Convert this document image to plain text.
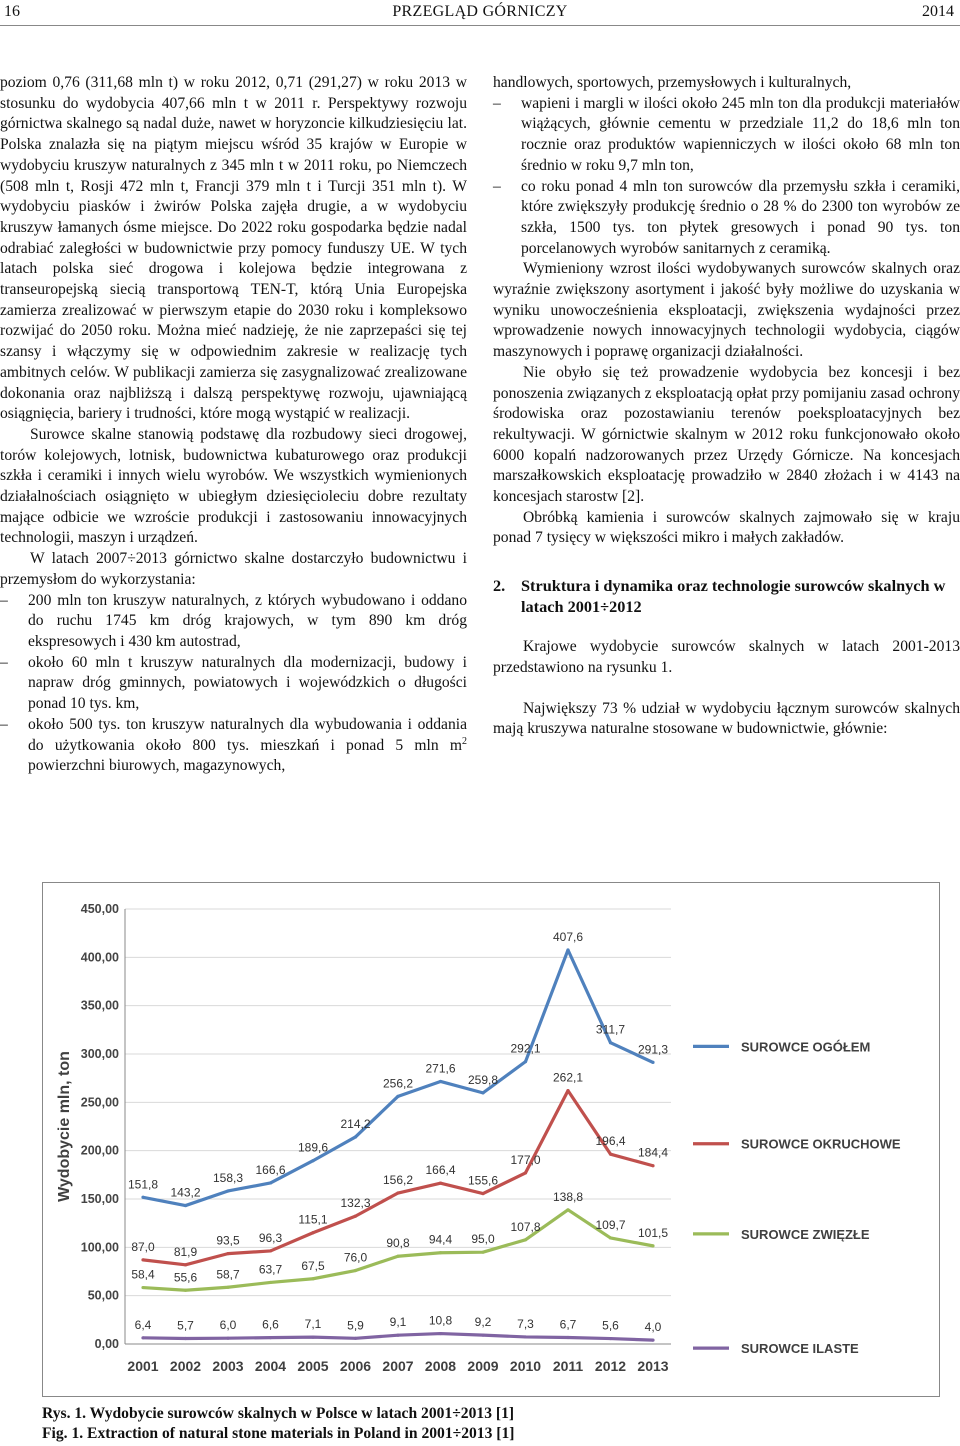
16	PRZEGLĄD GÓRNICZY	2014

poziom 0,76 (311,68 mln t) w roku 2012, 0,71 (291,27) w roku 2013 w stosunku do wydobycia 407,66 mln t w 2011 r. Perspektywy rozwoju górnictwa skalnego są nadal duże, nawet w horyzoncie kilkudziesięciu lat. Polska znalazła się na piątym miejscu wśród 35 krajów w Europie w wydobyciu kruszyw naturalnych z 345 mln t w 2011 roku, po Niemczech (508 mln t, Rosji 472 mln t, Francji 379 mln t i Turcji 351 mln t). W wydobyciu piasków i żwirów Polska zajęła drugie, a w wydobyciu kruszyw łamanych ósme miejsce. Do 2022 roku gospodarka będzie nadal odrabiać zaległości w budownictwie przy pomocy funduszy UE. W tych latach polska sieć drogowa i kolejowa będzie integrowana z transeuropejską siecią transportową TEN-T, którą Unia Europejska zamierza zrealizować w pierwszym etapie do 2030 roku i kompleksowo rozwijać do 2050 roku. Można mieć nadzieję, że nie zaprzepaści się tej szansy i włączymy się w odpowiednim zakresie w realizację tych ambitnych celów. W publikacji zamierza się zasygnalizować zrealizowane dokonania oraz najbliższą i dalszą perspektywę rozwoju, ujawniającą osiągnięcia, bariery i trudności, które mogą wystąpić w realizacji.

Surowce skalne stanowią podstawę dla rozbudowy sieci drogowej, torów kolejowych, lotnisk, budownictwa kubaturowego oraz produkcji szkła i ceramiki i innych wielu wyrobów. We wszystkich wymienionych działalnościach osiągnięto w ubiegłym dziesięcioleciu dobre rezultaty mające odbicie we wzroście produkcji i zastosowaniu innowacyjnych technologii, maszyn i urządzeń.

W latach 2007÷2013 górnictwo skalne dostarczyło budownictwu i przemysłom do wykorzystania:

– 200 mln ton kruszyw naturalnych, z których wybudowano i oddano do ruchu 1745 km dróg krajowych, w tym 890 km dróg ekspresowych i 430 km autostrad,

– około 60 mln t kruszyw naturalnych dla modernizacji, budowy i napraw dróg gminnych, powiatowych i wojewódzkich o długości ponad 10 tys. km,

– około 500 tys. ton kruszyw naturalnych dla wybudowania i oddania do użytkowania około 800 tys. mieszkań i ponad 5 mln $m^2$ powierzchni biurowych, magazynowych,

handlowych, sportowych, przemysłowych i kulturalnych,

– wapieni i margli w ilości około 245 mln ton dla produkcji materiałów wiążących, głównie cementu w przedziale 11,2 do 18,6 mln ton rocznie oraz produktów wapienniczych w ilości około 68 mln ton średnio w roku 9,7 mln ton,

– co roku ponad 4 mln ton surowców dla przemysłu szkła i ceramiki, które zwiększyły produkcję średnio o 28 % do 2300 ton wyrobów ze szkła, 1500 tys. ton płytek gresowych i ponad 90 tys. ton porcelanowych wyrobów sanitarnych z ceramiką.

Wymieniony wzrost ilości wydobywanych surowców skalnych oraz wyraźnie zwiększony asortyment i jakość były możliwe do uzyskania w wyniku unowocześnienia eksploatacji, zwiększenia wydajności przez wprowadzenie nowych innowacyjnych technologii wydobycia, ciągów maszynowych i poprawę organizacji działalności.

Nie obyło się też prowadzenie wydobycia bez koncesji i bez ponoszenia związanych z eksploatacją opłat przy pomijaniu zasad ochrony środowiska oraz pozostawianiu terenów poeksploatacyjnych bez rekultywacji. W górnictwie skalnym w 2012 roku funkcjonowało około 6000 kopalń nadzorowanych przez Urzędy Górnicze. Na koncesjach marszałkowskich eksploatację prowadziło w 2840 złożach i w 4143 na koncesjach starostw [2].

Obróbką kamienia i surowców skalnych zajmowało się w kraju ponad 7 tysięcy w większości mikro i małych zakładów.

2. Struktura i dynamika oraz technologie surowców skalnych w latach 2001÷2012

Krajowe wydobycie surowców skalnych w latach 2001-2013 przedstawiono na rysunku 1.

Największy 73 % udział w wydobyciu łącznym surowców skalnych mają kruszywa naturalne stosowane w budownictwie, głównie:

0,00
50,00
100,00
150,00
200,00
250,00
300,00
350,00
400,00
450,00
Wydobycie mln, ton
2001 2002 2003 2004 2005 2006 2007 2008 2009 2010 2011 2012 2013
151,8
143,2
158,3
166,6
189,6
214,2
256,2
271,6
259,8
292,1
407,6
311,7
291,3	SUROWCE OGÓŁEM
87,0 81,9
93,5 96,3
115,1
132,3
156,2
166,4
155,6
177,0
262,1
196,4
184,4
SUROWCE OKRUCHOWE
58,4 55,6 58,7 63,7 67,5
76,0
90,8 94,4 95,0
107,8
138,8
109,7
101,5	SUROWCE ZWIĘZŁE
6,4 5,7 6,0 6,6 7,1 5,9 9,1 10,8 9,2 7,3 6,7 5,6 4,0
SUROWCE ILASTE
Rys. 1. Wydobycie surowców skalnych w Polsce w latach 2001÷2013 [1]
Fig. 1. Extraction of natural stone materials in Poland in 2001÷2013 [1]
